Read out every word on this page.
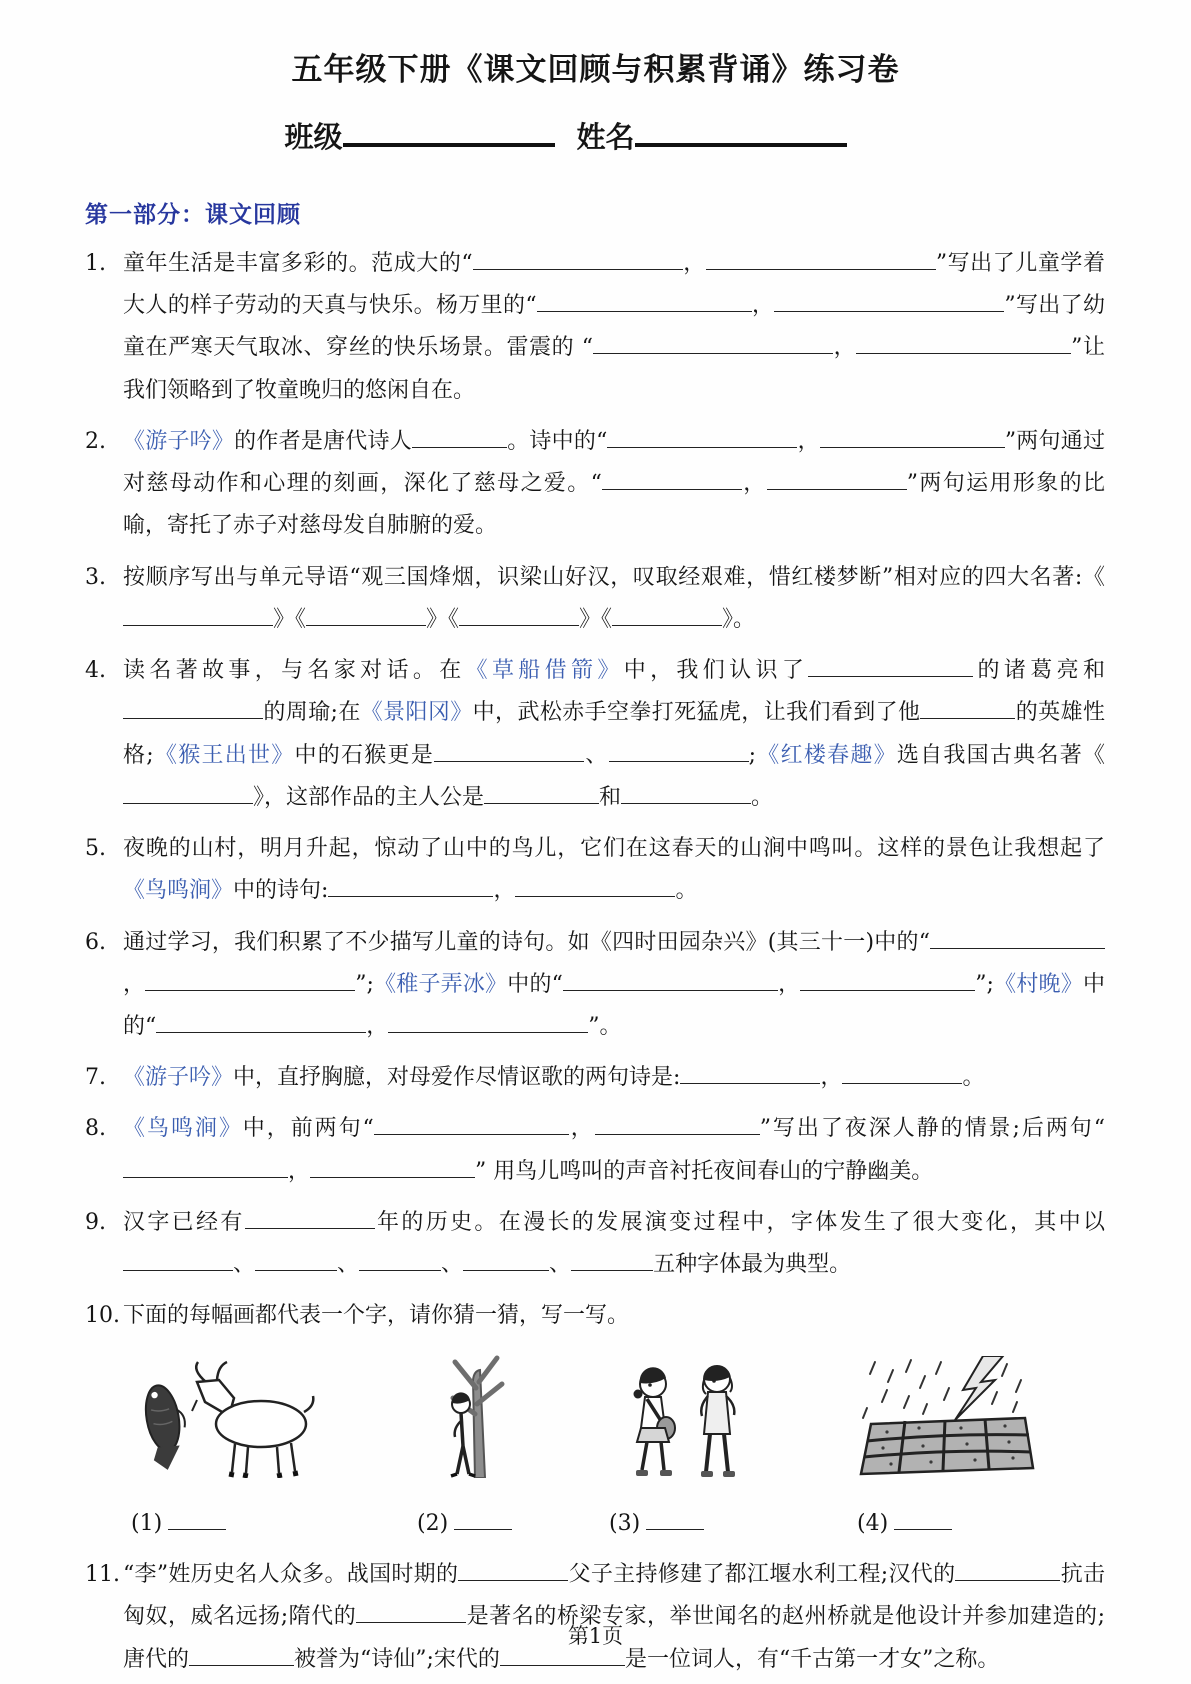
五年级下册《课文回顾与积累背诵》练习卷
班级	姓名
第一部分：课文回顾
1. 童年生活是丰富多彩的。范成大的“	，	”写出了儿童学着大人的样子劳动的天真与快乐。杨万里的“	，	”写出了幼童在严寒天气取冰、穿丝的快乐场景。雷震的 “	，	”让我们领略到了牧童晚归的悠闲自在。
2. 《游子吟》的作者是唐代诗人	。诗中的“	，	”两句通过对慈母动作和心理的刻画，深化了慈母之爱。“	，	”两句运用形象的比喻，寄托了赤子对慈母发自肺腑的爱。
3. 按顺序写出与单元导语“观三国烽烟，识梁山好汉，叹取经艰难，惜红楼梦断”相对应的四大名著:《》《	》《	》《	》。
4. 读名著故事，与名家对话。在《草船借箭》中，我们认识了	的诸葛亮和的周瑜;在《景阳冈》中，武松赤手空拳打死猛虎，让我们看到了他	的英雄性格;《猴王出世》中的石猴更是	、	;《红楼春趣》选自我国古典名著《》，这部作品的主人公是	和	。
5. 夜晚的山村，明月升起，惊动了山中的鸟儿，它们在这春天的山涧中鸣叫。这样的景色让我想起了《鸟鸣涧》中的诗句:	，	。
6. 通过学习，我们积累了不少描写儿童的诗句。如《四时田园杂兴》(其三十一)中的“，	”;《稚子弄冰》中的“	，	”;《村晚》中的“	，	”。
7. 《游子吟》中，直抒胸臆，对母爱作尽情讴歌的两句诗是:	，	。
8. 《鸟鸣涧》中，前两句“	，	”写出了夜深人静的情景;后两句“，	” 用鸟儿鸣叫的声音衬托夜间春山的宁静幽美。
9. 汉字已经有	年的历史。在漫长的发展演变过程中，字体发生了很大变化，其中以、	、	、	、	五种字体最为典型。
10. 下面的每幅画都代表一个字，请你猜一猜，写一写。
(1)	(2)	(3)	(4)
11. “李”姓历史名人众多。战国时期的	父子主持修建了都江堰水利工程;汉代的	抗击匈奴，威名远扬;隋代的	是著名的桥梁专家，举世闻名的赵州桥就是他设计并参加建造的;唐代的	被誉为“诗仙”;宋代的	是一位词人，有“千古第一才女”之称。
第1页
